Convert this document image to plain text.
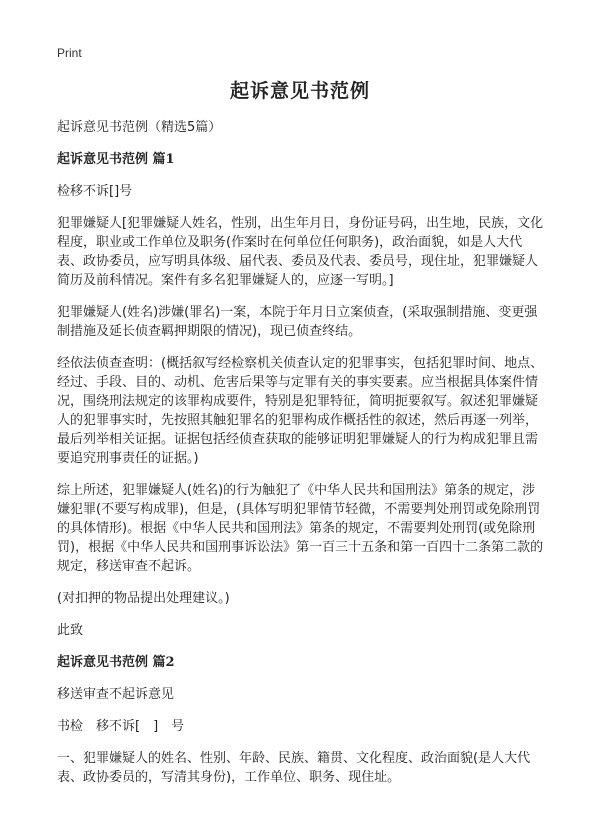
Print
起诉意见书范例

起诉意见书范例（精选5篇）

起诉意见书范例 篇1

检移不诉[]号

犯罪嫌疑人[犯罪嫌疑人姓名，性别，出生年月日，身份证号码，出生地，民族，文化程度，职业或工作单位及职务(作案时在何单位任何职务)，政治面貌，如是人大代表、政协委员，应写明具体级、届代表、委员及代表、委员号，现住址，犯罪嫌疑人简历及前科情况。案件有多名犯罪嫌疑人的，应逐一写明。]

犯罪嫌疑人(姓名)涉嫌(罪名)一案，本院于年月日立案侦查，(采取强制措施、变更强制措施及延长侦查羁押期限的情况)，现已侦查终结。

经依法侦查查明：(概括叙写经检察机关侦查认定的犯罪事实，包括犯罪时间、地点、经过、手段、目的、动机、危害后果等与定罪有关的事实要素。应当根据具体案件情况，围绕刑法规定的该罪构成要件，特别是犯罪特征，简明扼要叙写。叙述犯罪嫌疑人的犯罪事实时，先按照其触犯罪名的犯罪构成作概括性的叙述，然后再逐一列举，最后列举相关证据。证据包括经侦查获取的能够证明犯罪嫌疑人的行为构成犯罪且需要追究刑事责任的证据。)

综上所述，犯罪嫌疑人(姓名)的行为触犯了《中华人民共和国刑法》第条的规定，涉嫌犯罪(不要写构成罪)，但是，(具体写明犯罪情节轻微，不需要判处刑罚或免除刑罚的具体情形)。根据《中华人民共和国刑法》第条的规定，不需要判处刑罚(或免除刑罚)，根据《中华人民共和国刑事诉讼法》第一百三十五条和第一百四十二条第二款的规定，移送审查不起诉。

(对扣押的物品提出处理建议。)

此致

起诉意见书范例 篇2

移送审查不起诉意见

书检　移不诉[　]　号

一、犯罪嫌疑人的姓名、性别、年龄、民族、籍贯、文化程度、政治面貌(是人大代表、政协委员的，写清其身份)，工作单位、职务、现住址。
